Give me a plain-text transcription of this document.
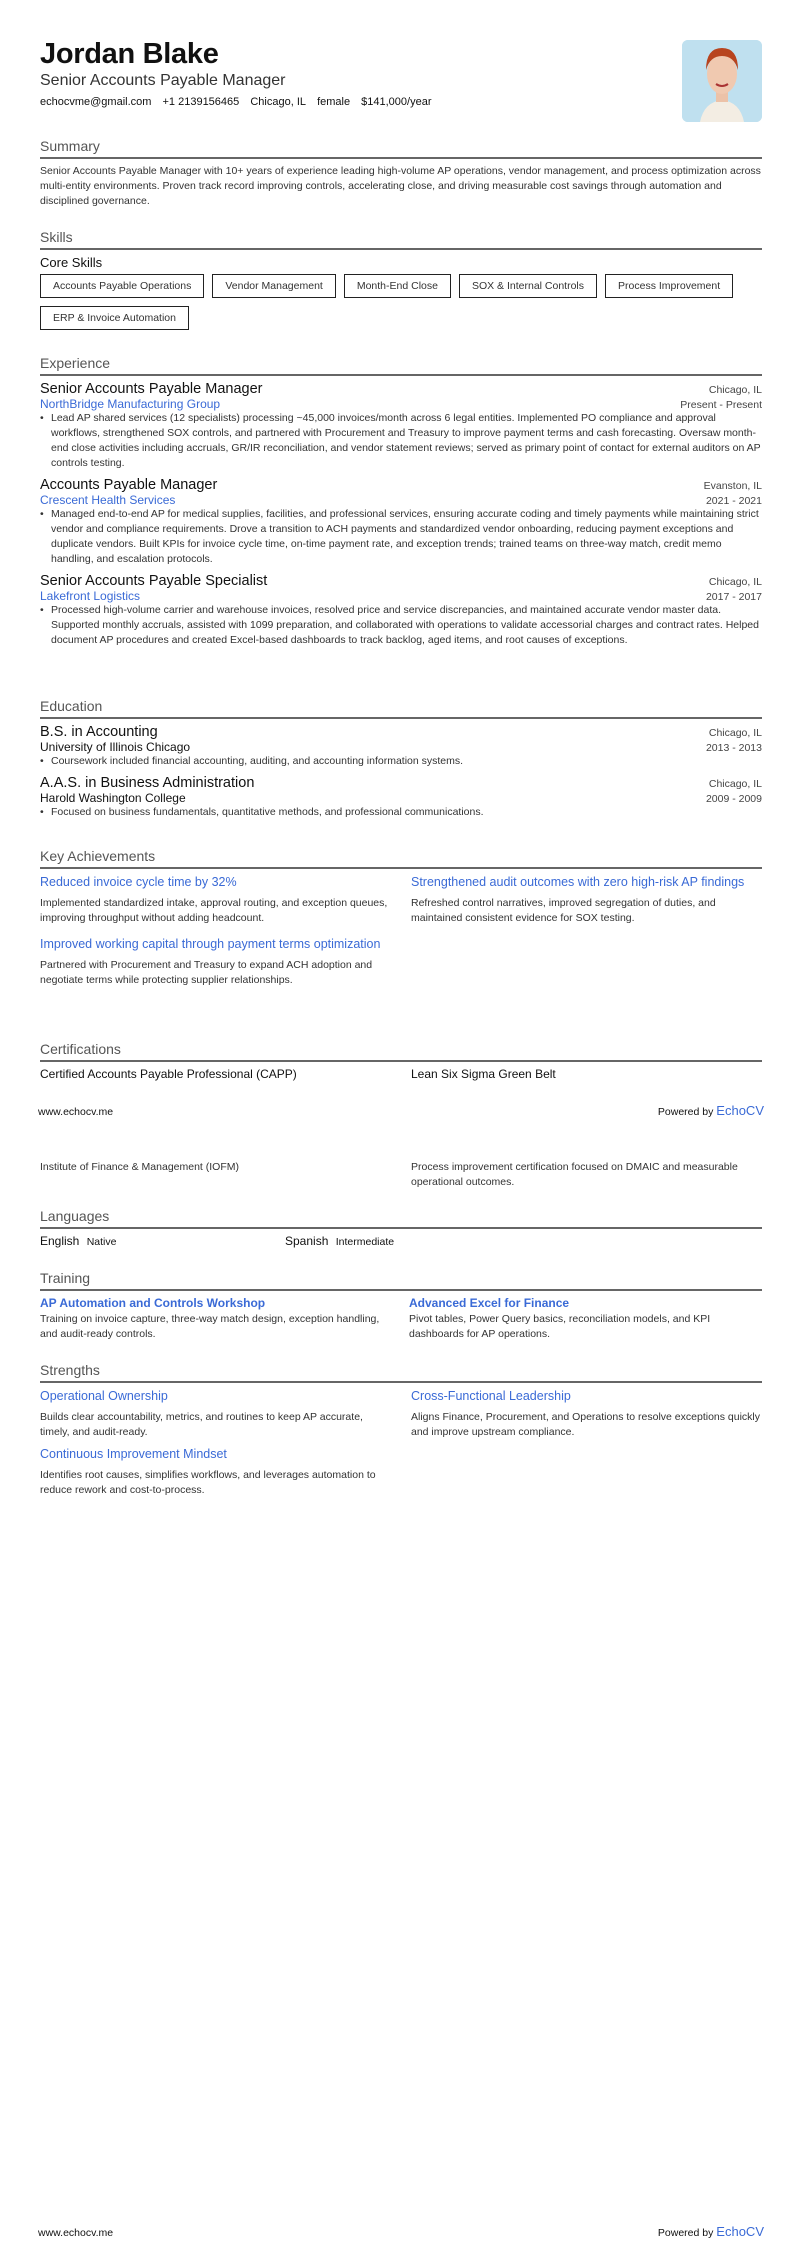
Jordan Blake
Senior Accounts Payable Manager
echocvme@gmail.com +1 2139156465 Chicago, IL female $141,000/year
Summary
Senior Accounts Payable Manager with 10+ years of experience leading high-volume AP operations, vendor management, and process optimization across multi-entity environments. Proven track record improving controls, accelerating close, and driving measurable cost savings through automation and disciplined governance.
Skills
Core Skills
Accounts Payable Operations	Vendor Management	Month-End Close	SOX & Internal Controls	Process Improvement
ERP & Invoice Automation
Experience
Senior Accounts Payable Manager	Chicago, IL
NorthBridge Manufacturing Group	Present - Present
• Lead AP shared services (12 specialists) processing ~45,000 invoices/month across 6 legal entities. Implemented PO compliance and approval workflows, strengthened SOX controls, and partnered with Procurement and Treasury to improve payment terms and cash forecasting. Oversaw month-end close activities including accruals, GR/IR reconciliation, and vendor statement reviews; served as primary point of contact for external auditors on AP controls testing.
Accounts Payable Manager	Evanston, IL
Crescent Health Services	2021 - 2021
• Managed end-to-end AP for medical supplies, facilities, and professional services, ensuring accurate coding and timely payments while maintaining strict vendor and compliance requirements. Drove a transition to ACH payments and standardized vendor onboarding, reducing payment exceptions and duplicate vendors. Built KPIs for invoice cycle time, on-time payment rate, and exception trends; trained teams on three-way match, credit memo handling, and escalation protocols.
Senior Accounts Payable Specialist	Chicago, IL
Lakefront Logistics	2017 - 2017
• Processed high-volume carrier and warehouse invoices, resolved price and service discrepancies, and maintained accurate vendor master data. Supported monthly accruals, assisted with 1099 preparation, and collaborated with operations to validate accessorial charges and contract rates. Helped document AP procedures and created Excel-based dashboards to track backlog, aged items, and root causes of exceptions.
Education
B.S. in Accounting	Chicago, IL
University of Illinois Chicago	2013 - 2013
• Coursework included financial accounting, auditing, and accounting information systems.
A.A.S. in Business Administration	Chicago, IL
Harold Washington College	2009 - 2009
• Focused on business fundamentals, quantitative methods, and professional communications.
Key Achievements
Reduced invoice cycle time by 32%
Implemented standardized intake, approval routing, and exception queues, improving throughput without adding headcount.
Strengthened audit outcomes with zero high-risk AP findings
Refreshed control narratives, improved segregation of duties, and maintained consistent evidence for SOX testing.
Improved working capital through payment terms optimization
Partnered with Procurement and Treasury to expand ACH adoption and negotiate terms while protecting supplier relationships.
Certifications
Certified Accounts Payable Professional (CAPP)	Lean Six Sigma Green Belt
Institute of Finance & Management (IOFM)	Process improvement certification focused on DMAIC and measurable operational outcomes.
www.echocv.me	Powered by EchoCV
Languages
English Native	Spanish Intermediate
Training
AP Automation and Controls Workshop
Training on invoice capture, three-way match design, exception handling, and audit-ready controls.
Advanced Excel for Finance
Pivot tables, Power Query basics, reconciliation models, and KPI dashboards for AP operations.
Strengths
Operational Ownership
Builds clear accountability, metrics, and routines to keep AP accurate, timely, and audit-ready.
Cross-Functional Leadership
Aligns Finance, Procurement, and Operations to resolve exceptions quickly and improve upstream compliance.
Continuous Improvement Mindset
Identifies root causes, simplifies workflows, and leverages automation to reduce rework and cost-to-process.
www.echocv.me	Powered by EchoCV
